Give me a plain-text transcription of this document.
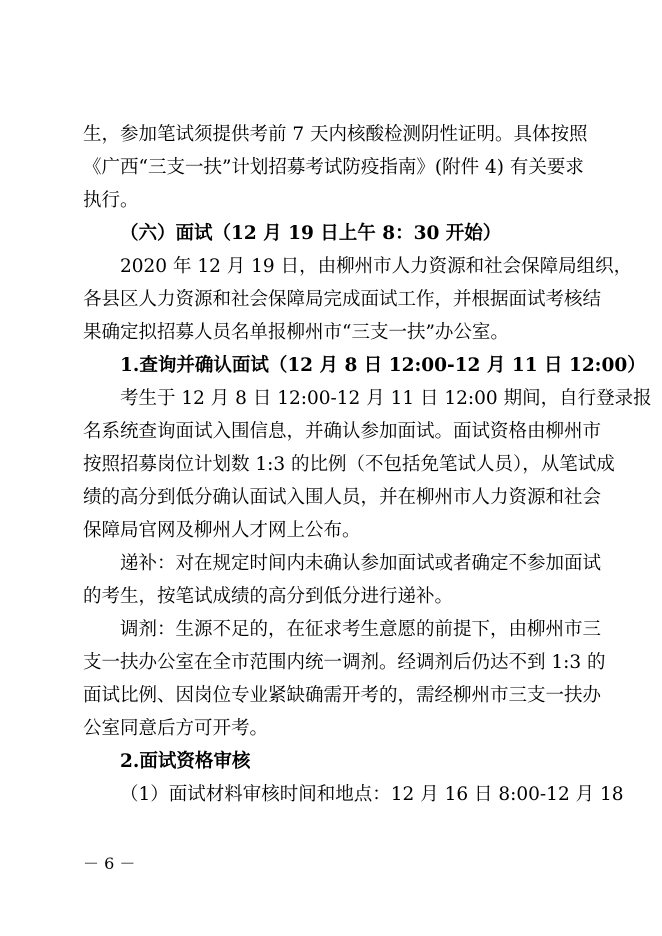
生，参加笔试须提供考前 7 天内核酸检测阴性证明。具体按照
《广西“三支一扶”计划招募考试防疫指南》(附件 4) 有关要求
执行。
（六）面试（12 月 19 日上午 8：30 开始）
2020 年 12 月 19 日，由柳州市人力资源和社会保障局组织，
各县区人力资源和社会保障局完成面试工作，并根据面试考核结
果确定拟招募人员名单报柳州市“三支一扶”办公室。
1.查询并确认面试（12 月 8 日 12:00-12 月 11 日 12:00）
考生于 12 月 8 日 12:00-12 月 11 日 12:00 期间，自行登录报
名系统查询面试入围信息，并确认参加面试。面试资格由柳州市
按照招募岗位计划数 1:3 的比例（不包括免笔试人员），从笔试成
绩的高分到低分确认面试入围人员，并在柳州市人力资源和社会
保障局官网及柳州人才网上公布。
递补：对在规定时间内未确认参加面试或者确定不参加面试
的考生，按笔试成绩的高分到低分进行递补。
调剂：生源不足的，在征求考生意愿的前提下，由柳州市三
支一扶办公室在全市范围内统一调剂。经调剂后仍达不到 1:3 的
面试比例、因岗位专业紧缺确需开考的，需经柳州市三支一扶办
公室同意后方可开考。
2.面试资格审核
（1）面试材料审核时间和地点：12 月 16 日 8:00-12 月 18
－ 6 －
